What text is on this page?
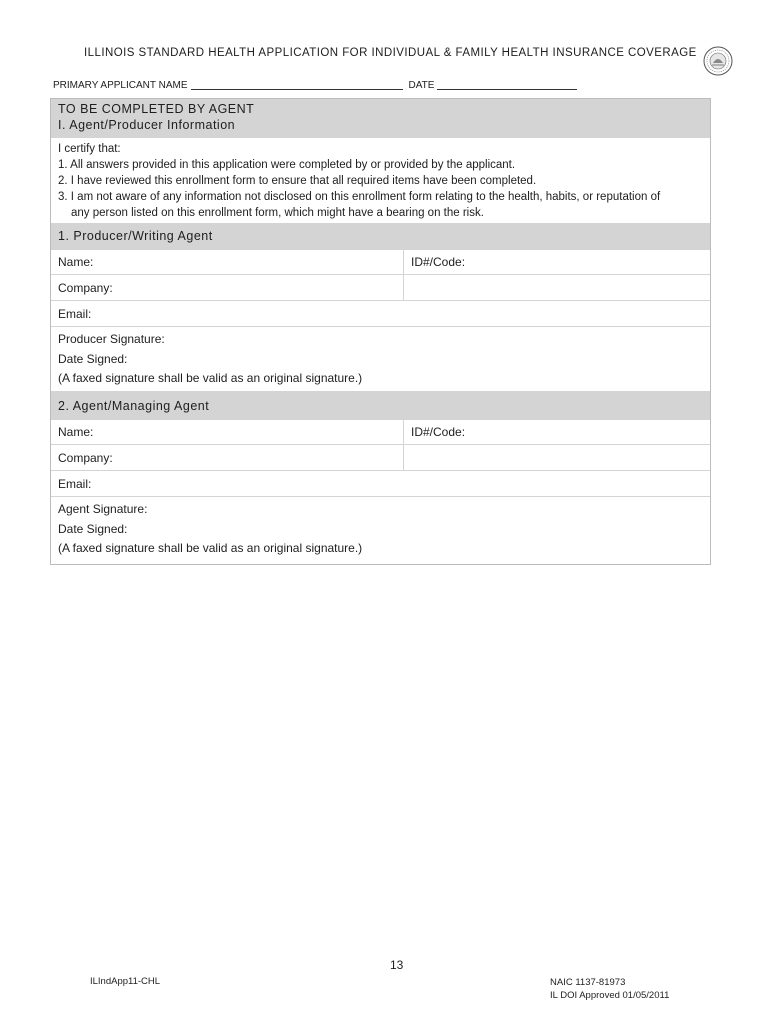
ILLINOIS STANDARD HEALTH APPLICATION FOR INDIVIDUAL & FAMILY HEALTH INSURANCE COVERAGE
PRIMARY APPLICANT NAME	DATE
TO BE COMPLETED BY AGENT
I. Agent/Producer Information
I certify that:
1. All answers provided in this application were completed by or provided by the applicant.
2. I have reviewed this enrollment form to ensure that all required items have been completed.
3. I am not aware of any information not disclosed on this enrollment form relating to the health, habits, or reputation of
any person listed on this enrollment form, which might have a bearing on the risk.
1. Producer/Writing Agent
Name:	ID#/Code:
Company:

Email:
Producer Signature:
Date Signed:
(A faxed signature shall be valid as an original signature.)
2. Agent/Managing Agent
Name:	ID#/Code:
Company:

Email:
Agent Signature:
Date Signed:
(A faxed signature shall be valid as an original signature.)
13
ILIndApp11-CHL	NAIC 1137-81973
IL DOI Approved 01/05/2011
